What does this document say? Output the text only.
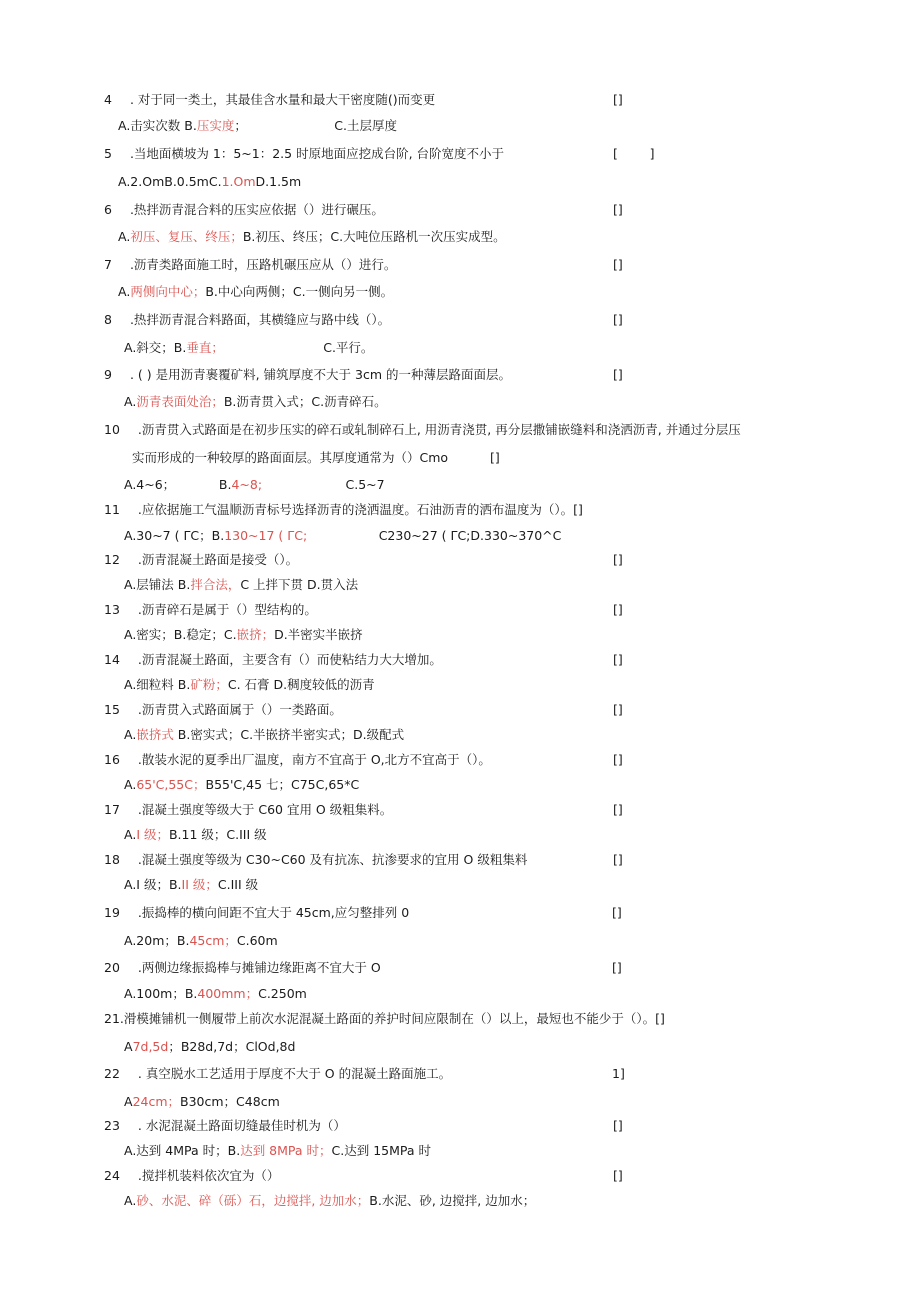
4 . 对于同一类土，其最佳含水量和最大干密度随()而变更	[]
A.击实次数 B.压实度；                      C.土层厚度
5 .当地面横坡为 1：5~1：2.5 时原地面应挖成台阶, 台阶宽度不小于	[        ]
A.2.OmB.0.5mC.1.OmD.1.5m
6 .热拌沥青混合料的压实应依据（）进行碾压。	[]
A.初压、复压、终压；B.初压、终压；C.大吨位压路机一次压实成型。
7 .沥青类路面施工时，压路机碾压应从（）进行。	[]
A.两侧向中心；B.中心向两侧；C.一侧向另一侧。
8 .热拌沥青混合料路面，其横缝应与路中线（）。	[]
A.斜交；B.垂直；                         C.平行。
9 . ( ) 是用沥青裹覆矿料, 铺筑厚度不大于 3cm 的一种薄层路面面层。	[]
A.沥青表面处治；B.沥青贯入式；C.沥青碎石。
10 .沥青贯入式路面是在初步压实的碎石或轧制碎石上, 用沥青浇贯, 再分层撒铺嵌缝料和浇洒沥青, 并通过分层压
实而形成的一种较厚的路面面层。其厚度通常为（）Cmo	[]
A.4~6；           B.4~8;                     C.5~7
11 .应依据施工气温顺沥青标号选择沥青的浇洒温度。石油沥青的洒布温度为（）。[]
A.30~7 ( ΓC；B.130~17 ( ΓC;                  C230~27 ( ΓC;D.330~370^C
12 .沥青混凝土路面是接受（）。	[]
A.层铺法 B.拌合法，C 上拌下贯 D.贯入法
13 .沥青碎石是属于（）型结构的。	[]
A.密实；B.稳定；C.嵌挤；D.半密实半嵌挤
14 .沥青混凝土路面，主要含有（）而使粘结力大大增加。	[]
A.细粒料 B.矿粉；C. 石膏 D.稠度较低的沥青
15 .沥青贯入式路面属于（）一类路面。	[]
A.嵌挤式 B.密实式；C.半嵌挤半密实式；D.级配式
16 .散装水泥的夏季出厂温度，南方不宜高于 O,北方不宜高于（）。	[]
A.65'C,55C；B55'C,45 七；C75C,65*C
17 .混凝土强度等级大于 C60 宜用 O 级粗集料。	[]
A.I 级；B.11 级；C.III 级
18 .混凝土强度等级为 C30~C60 及有抗冻、抗渗要求的宜用 O 级粗集料	[]
A.I 级；B.II 级；C.III 级
19 .振捣棒的横向间距不宜大于 45cm,应匀整排列 0	[]
A.20m；B.45cm；C.60m
20 .两侧边缘振捣棒与摊铺边缘距离不宜大于 O	[]
A.100m；B.400mm；C.250m
21.滑模摊铺机一侧履带上前次水泥混凝土路面的养护时间应限制在（）以上，最短也不能少于（）。[]
A7d,5d；B28d,7d；ClOd,8d
22 . 真空脱水工艺适用于厚度不大于 O 的混凝土路面施工。	1]
A24cm；B30cm；C48cm
23 . 水泥混凝土路面切缝最佳时机为（）	[]
A.达到 4MPa 时；B.达到 8MPa 时；C.达到 15MPa 时
24 .搅拌机装料依次宜为（）	[]
A.砂、水泥、碎（砾）石，边搅拌, 边加水；B.水泥、砂, 边搅拌, 边加水；
